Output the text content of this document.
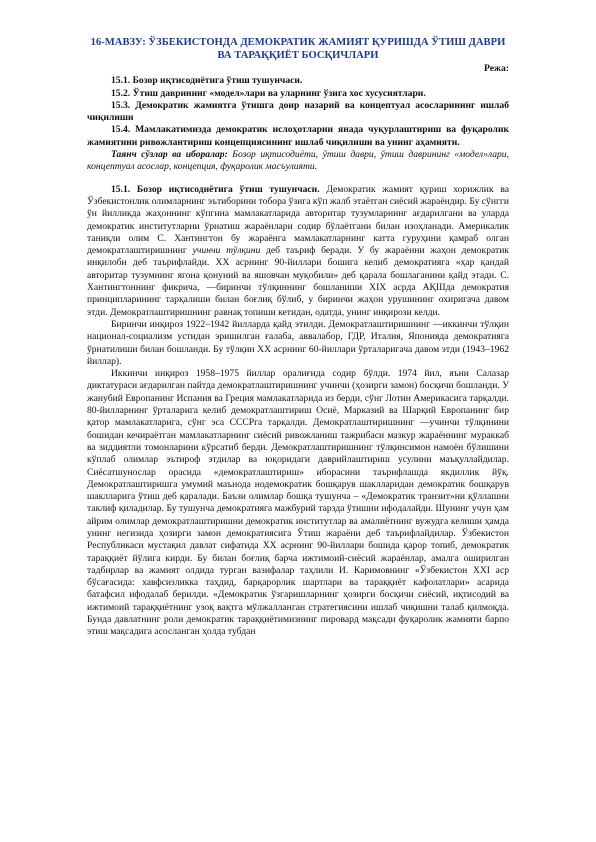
16-МАВЗУ: ЎЗБЕКИСТОНДА ДЕМОКРАТИК ЖАМИЯТ ҚУРИШДА ЎТИШ ДАВРИ ВА ТАРАҚҚИЁТ БОСҚИЧЛАРИ

Режа:

15.1. Бозор иқтисодиётига ўтиш тушунчаси.

15.2. Ўтиш даврининг «модел»лари ва уларнинг ўзига хос хусусиятлари.

15.3. Демократик жамиятга ўтишга доир назарий ва концептуал асосларининг ишлаб чиқилиши

15.4. Мамлакатимизда демократик ислоҳотларни янада чуқурлаштириш ва фуқаролик жамиятини ривожлантириш концепциясининг ишлаб чиқилиши ва унинг аҳамияти.

Таянч сўзлар ва иборалар: Бозор иқтисодиёти, ўтиш даври, ўтиш даврининг «модел»лари, концептуал асослар, концепция, фуқаролик масъулияти.

15.1. Бозор иқтисодиётига ўтиш тушунчаси. Демократик жамият қуриш хорижлик ва Ўзбекистонлик олимларнинг эътиборини тобора ўзига кўп жалб этаётган сиёсий жараёндир. Бу сўнгги ўн йилликда жаҳоннинг кўпгина мамлакатларида авторитар тузумларнинг ағдарилгани ва уларда демократик институтларни ўрнатиш жараёнлари содир бўлаётгани билан изоҳланади. Америкалик таниқли олим С. Хантингтон бу жараёнга мамлакатларнинг катта гуруҳини қамраб олган демократлаштиришнинг учинчи тўлқини деб таъриф беради. У бу жараённи жаҳон демократик инқилоби деб таърифлайди. ХХ асрнинг 90-йиллари бошига келиб демократияга «ҳар қандай авторитар тузумнинг ягона қонуний ва яшовчан муқобили» деб қарала бошлаганини қайд этади. С. Хантингтоннинг фикрича, ―биринчи тўлқиннинг бошланиши XIX асрда АҚШда демократия принципларининг тарқалиши билан боғлиқ бўлиб, у биринчи жаҳон урушининг охиригача давом этди. Демократлаштиришнинг равнақ топиши кетидан, одатда, унинг инқирози келди.

Биринчи инқироз 1922–1942 йилларда қайд этилди. Демократлаштиришнинг ―иккинчи тўлқин национал-социализм устидан эришилган ғалаба, аввалабор, ГДР, Италия, Японияда демократияга ўрнатилиши билан бошланди. Бу тўлқин ХХ асрнинг 60-йиллари ўрталаригача давом этди (1943–1962 йиллар).

Иккинчи инқироз 1958–1975 йиллар оралиғида содир бўлди. 1974 йил, яъни Салазар диктатураси ағдарилган пайтда демократлаштиришнинг учинчи (ҳозирги замон) босқичи бошланди. У жанубий Европанинг Испания ва Греция мамлакатларида из берди, сўнг Лотин Америкасига тарқалди. 80-йилларнинг ўрталарига келиб демократлаштириш Осиё, Марказий ва Шарқий Европанинг бир қатор мамлакатларига, сўнг эса СССРга тарқалди. Демократлаштиришнинг ―учинчи тўлқинини бошидан кечираётган мамлакатларнинг сиёсий ривожланиш тажрибаси мазкур жараённинг мураккаб ва зиддиятли томонларини кўрсатиб берди. Демократлаштиришнинг тўлқинсимон намоён бўлишини кўплаб олимлар эътироф этдилар ва юқоридаги даврийлаштириш усулини маъқуллайдилар. Сиёсатшунослар орасида «демократлаштириш» иборасини таърифлашда якдиллик йўқ. Демократлаштиришга умумий маънода нодемократик бошқарув шаклларидан демократик бошқарув шаклларига ўтиш деб қаралади. Баъзи олимлар бошқа тушунча – «Демократик транзит»ни қўллашни таклиф қиладилар. Бу тушунча демократияга мажбурий тарзда ўтишни ифодалайди. Шунинг учун ҳам айрим олимлар демократлаштиришни демократик институтлар ва амалиётнинг вужудга келиши ҳамда унинг негизида ҳозирги замон демократиясига Ўтиш жараёни деб таърифлайдилар. Ўзбекистон Республикаси мустақил давлат сифатида ХХ асрнинг 90-йиллари бошида қарор топиб, демократик тараққиёт йўлига кирди. Бу билан боғлиқ барча ижтимоий-сиёсий жараёнлар, амалга оширилган тадбирлар ва жамият олдида турган вазифалар таҳлили И. Каримовнинг «Ўзбекистон ХХI аср бўсағасида: хавфсизликка таҳдид, барқарорлик шартлари ва тараққиёт кафолатлари» асарида батафсил ифодалаб берилди. «Демократик ўзгаришларнинг ҳозирги босқичи сиёсий, иқтисодий ва ижтимоий тараққиётнинг узоқ вақтга мўлжалланган стратегиясини ишлаб чиқишни талаб қилмоқда. Бунда давлатнинг роли демократик тараққиётимизнинг пировард мақсади фуқаролик жамияти барпо этиш мақсадига асосланган ҳолда тубдан
